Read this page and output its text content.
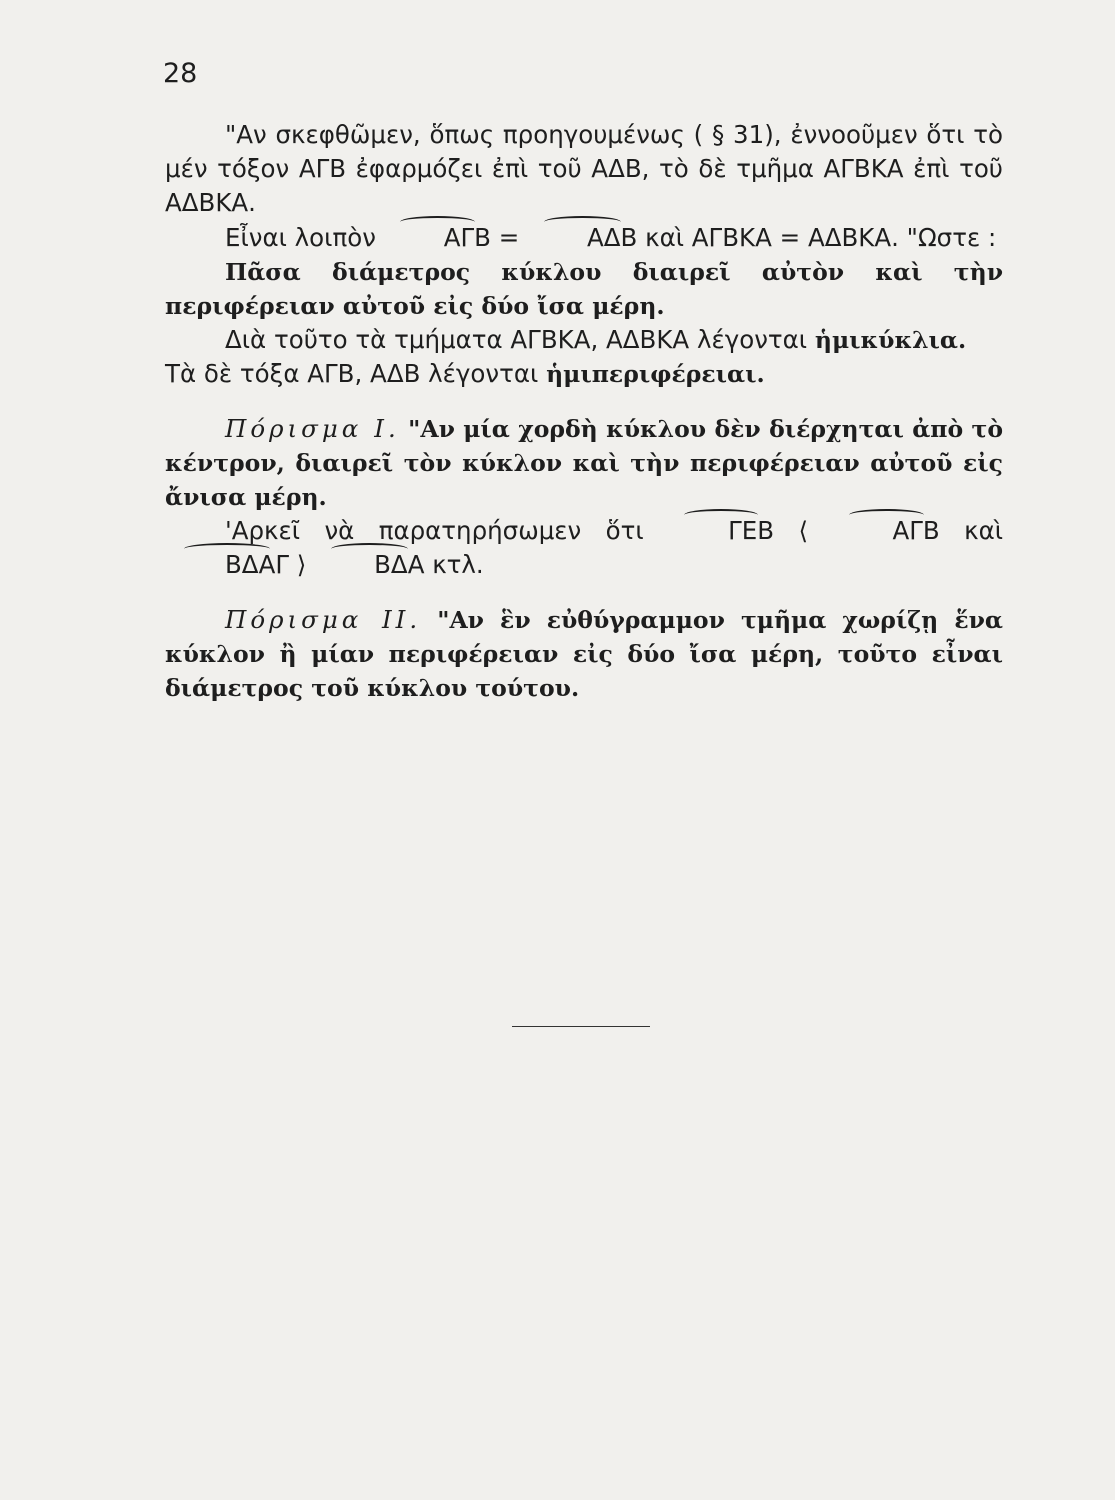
28

"Αν σκεφθῶμεν, ὅπως προηγουμένως ( § 31), ἐννοοῦμεν ὅτι τὸ μέν τόξον ΑΓΒ ἐφαρμόζει ἐπὶ τοῦ ΑΔΒ, τὸ δὲ τμῆμα ΑΓΒΚΑ ἐπὶ τοῦ ΑΔΒΚΑ.

Εἶναι λοιπὸν ΑΓΒ = ΑΔΒ καὶ ΑΓΒΚΑ = ΑΔΒΚΑ. "Ωστε :

Πᾶσα διάμετρος κύκλου διαιρεῖ αὐτὸν καὶ τὴν περιφέρειαν αὐτοῦ εἰς δύο ἴσα μέρη.

Διὰ τοῦτο τὰ τμήματα ΑΓΒΚΑ, ΑΔΒΚΑ λέγονται ἡμικύκλια.

Τὰ δὲ τόξα ΑΓΒ, ΑΔΒ λέγονται ἡμιπεριφέρειαι.

Πόρισμα Ι. "Αν μία χορδὴ κύκλου δὲν διέρχηται ἀπὸ τὸ κέντρον, διαιρεῖ τὸν κύκλον καὶ τὴν περιφέρειαν αὐτοῦ εἰς ἄνισα μέρη.

'Αρκεῖ νὰ παρατηρήσωμεν ὅτι ΓΕΒ ⟨ ΑΓΒ καὶ ΒΔΑΓ ⟩ ΒΔΑ κτλ.

Πόρισμα ΙΙ. "Αν ἓν εὐθύγραμμον τμῆμα χωρίζῃ ἕνα κύκλον ἢ μίαν περιφέρειαν εἰς δύο ἴσα μέρη, τοῦτο εἶναι διάμετρος τοῦ κύκλου τούτου.
